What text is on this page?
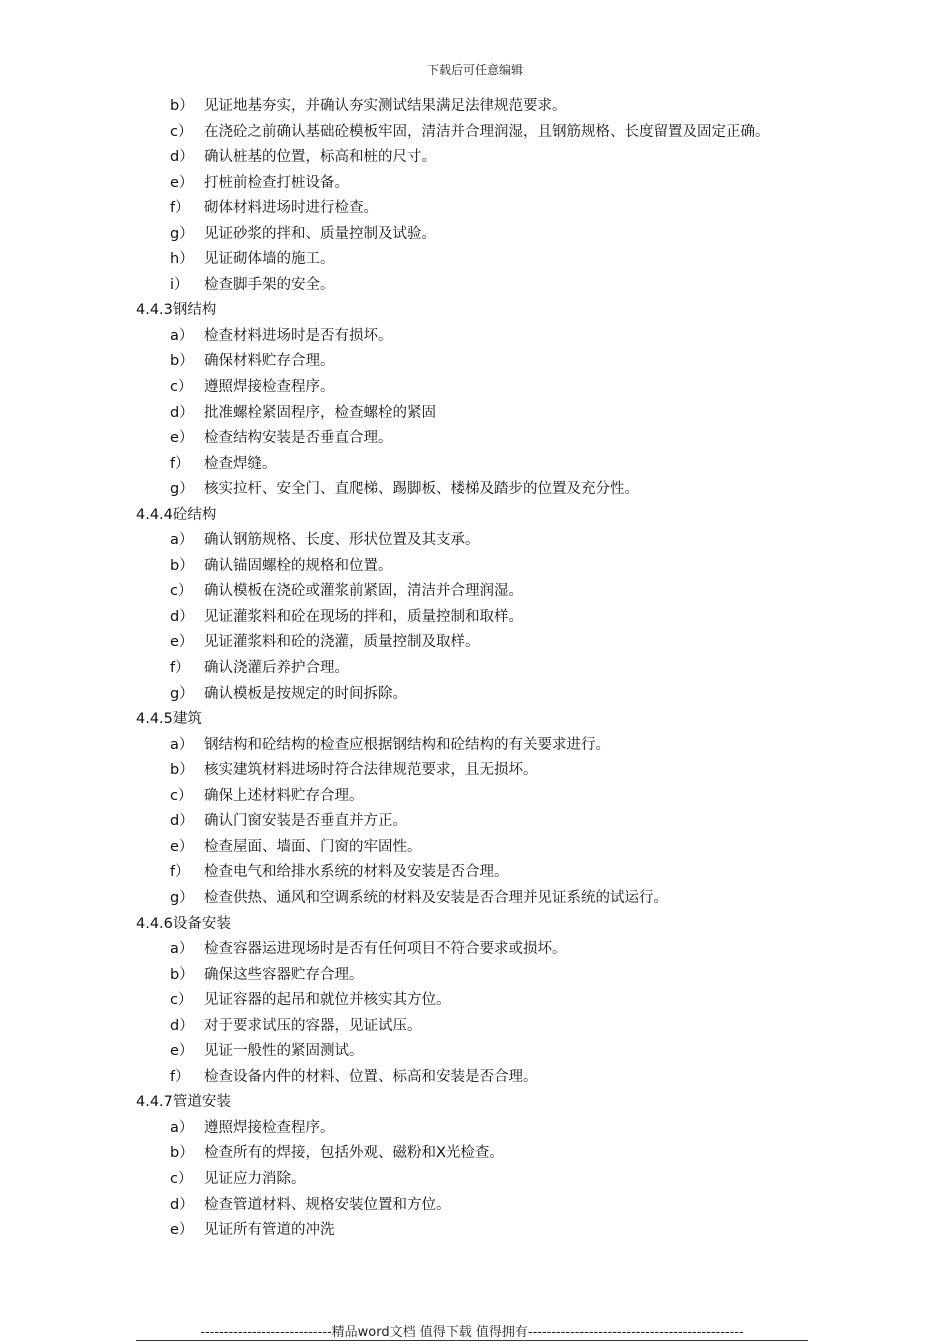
下载后可任意编辑
b） 见证地基夯实，并确认夯实测试结果满足法律规范要求。
c） 在浇砼之前确认基础砼模板牢固，清洁并合理润湿，且钢筋规格、长度留置及固定正确。
d） 确认桩基的位置，标高和桩的尺寸。
e） 打桩前检查打桩设备。
f） 砌体材料进场时进行检查。
g） 见证砂浆的拌和、质量控制及试验。
h） 见证砌体墙的施工。
i） 检查脚手架的安全。
4.4.3钢结构
a） 检查材料进场时是否有损坏。
b） 确保材料贮存合理。
c） 遵照焊接检查程序。
d） 批准螺栓紧固程序，检查螺栓的紧固
e） 检查结构安装是否垂直合理。
f） 检查焊缝。
g） 核实拉杆、安全门、直爬梯、踢脚板、楼梯及踏步的位置及充分性。
4.4.4砼结构
a） 确认钢筋规格、长度、形状位置及其支承。
b） 确认锚固螺栓的规格和位置。
c） 确认模板在浇砼或灌浆前紧固，清洁并合理润湿。
d） 见证灌浆料和砼在现场的拌和，质量控制和取样。
e） 见证灌浆料和砼的浇灌，质量控制及取样。
f） 确认浇灌后养护合理。
g） 确认模板是按规定的时间拆除。
4.4.5建筑
a） 钢结构和砼结构的检查应根据钢结构和砼结构的有关要求进行。
b） 核实建筑材料进场时符合法律规范要求，且无损坏。
c） 确保上述材料贮存合理。
d） 确认门窗安装是否垂直并方正。
e） 检查屋面、墙面、门窗的牢固性。
f） 检查电气和给排水系统的材料及安装是否合理。
g） 检查供热、通风和空调系统的材料及安装是否合理并见证系统的试运行。
4.4.6设备安装
a） 检查容器运进现场时是否有任何项目不符合要求或损坏。
b） 确保这些容器贮存合理。
c） 见证容器的起吊和就位并核实其方位。
d） 对于要求试压的容器，见证试压。
e） 见证一般性的紧固测试。
f） 检查设备内件的材料、位置、标高和安装是否合理。
4.4.7管道安装
a） 遵照焊接检查程序。
b） 检查所有的焊接，包括外观、磁粉和X光检查。
c） 见证应力消除。
d） 检查管道材料、规格安装位置和方位。
e） 见证所有管道的冲洗
----------------------------精品word文档 值得下载 值得拥有----------------------------------------------
